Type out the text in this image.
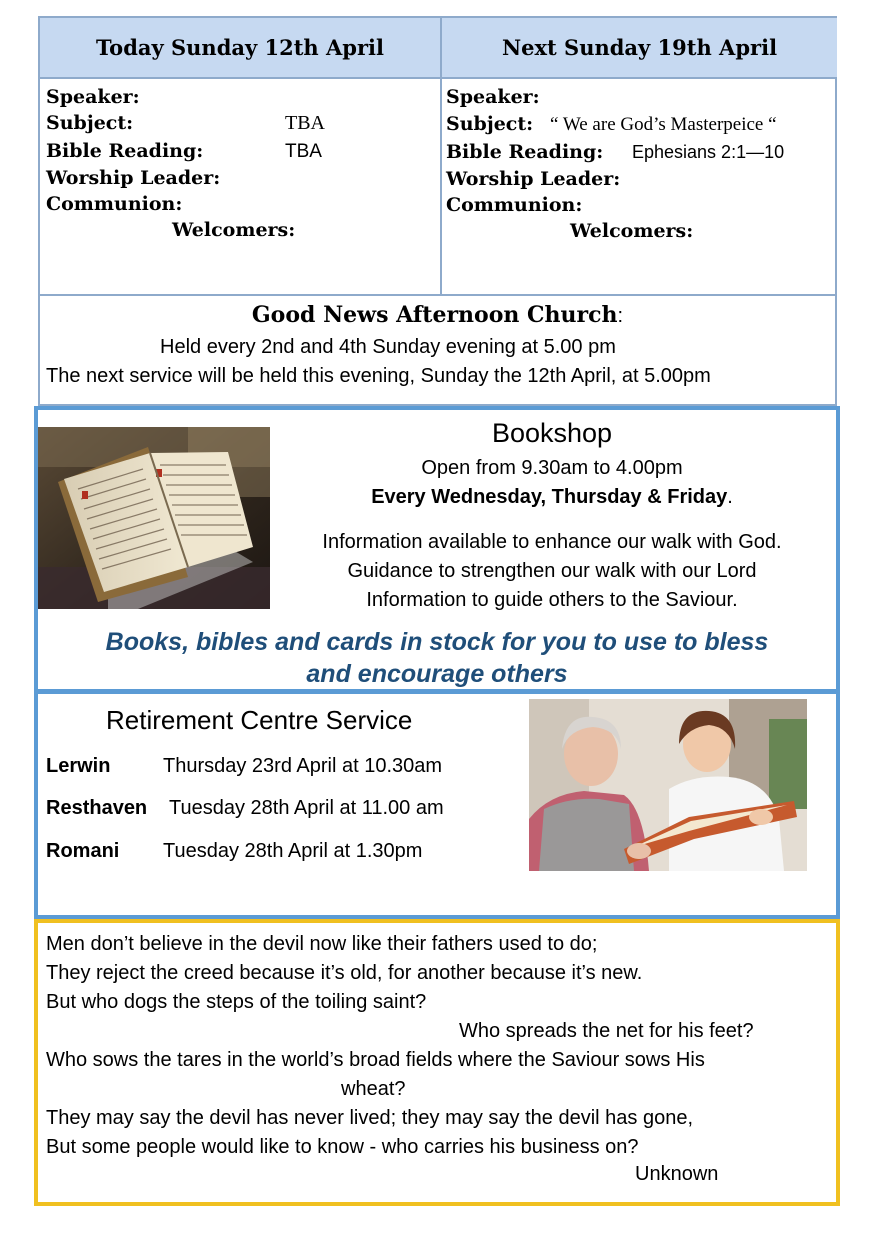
Today Sunday 12th April	Next Sunday 19th April
Speaker:
Subject:	TBA
Bible Reading:	TBA
Worship Leader:
Communion:
Welcomers:
Speaker:
Subject: “ We are God’s Masterpeice “
Bible Reading: Ephesians 2:1—10
Worship Leader:
Communion:
Welcomers:
Good News Afternoon Church:
Held every 2nd and 4th Sunday evening at 5.00 pm
The next service will be held this evening, Sunday the 12th April, at 5.00pm
Bookshop
Open from 9.30am to 4.00pm
Every Wednesday, Thursday & Friday.
Information available to enhance our walk with God.
Guidance to strengthen our walk with our Lord
Information to guide others to the Saviour.
Books, bibles and cards in stock for you to use to bless
and encourage others
Retirement Centre Service
Lerwin	Thursday 23rd April at 10.30am
Resthaven Tuesday 28th April at 11.00 am
Romani Tuesday 28th April at 1.30pm
Men don’t believe in the devil now like their fathers used to do;
They reject the creed because it’s old, for another because it’s new.
But who dogs the steps of the toiling saint?
Who spreads the net for his feet?
Who sows the tares in the world’s broad fields where the Saviour sows His
wheat?
They may say the devil has never lived; they may say the devil has gone,
But some people would like to know - who carries his business on?
Unknown
